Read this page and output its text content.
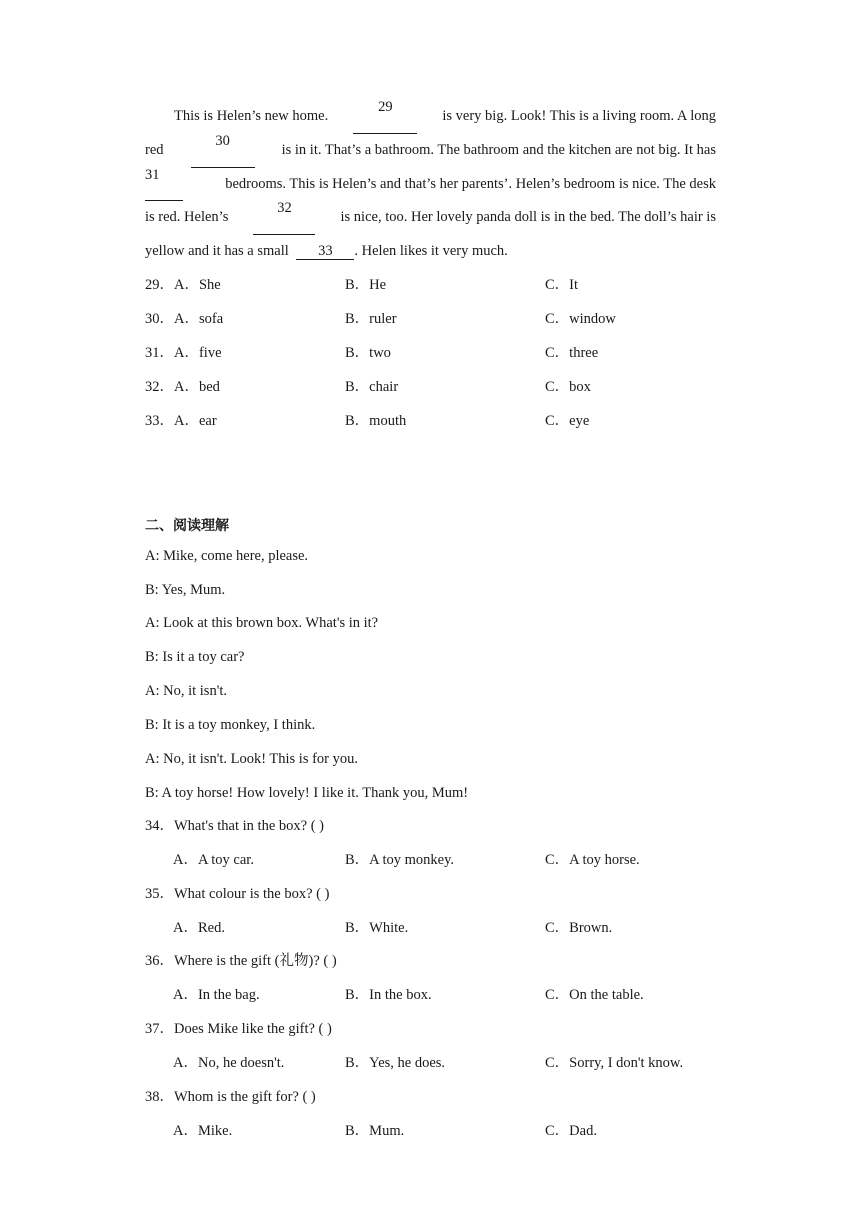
This is Helen’s new home.
29
is very big. Look! This is a living room. A long
red
30
is in it. That’s a bathroom. The bathroom and the kitchen are not big. It has
31
bedrooms. This is Helen’s and that’s her parents’. Helen’s bedroom is nice. The desk
is red. Helen’s
32
is nice, too. Her lovely panda doll is in the bed. The doll’s hair is
yellow and it has a small 33 . Helen likes it very much.
29．A．She	B．He	C．It
30．A．sofa	B．ruler	C．window
31．A．five	B．two	C．three
32．A．bed	B．chair	C．box
33．A．ear	B．mouth	C．eye
二、阅读理解
A: Mike, come here, please.
B: Yes, Mum.
A: Look at this brown box. What's in it?
B: Is it a toy car?
A: No, it isn't.
B: It is a toy monkey, I think.
A: No, it isn't. Look! This is for you.
B: A toy horse! How lovely! I like it. Thank you, Mum!
34．What's that in the box? ( )
A．A toy car.	B．A toy monkey.	C．A toy horse.
35．What colour is the box? ( )
A．Red.	B．White.	C．Brown.
36．Where is the gift (礼物)? ( )
A．In the bag.	B．In the box.	C．On the table.
37．Does Mike like the gift? ( )
A．No, he doesn't.	B．Yes, he does.	C．Sorry, I don't know.
38．Whom is the gift for? ( )
A．Mike.	B．Mum.	C．Dad.
